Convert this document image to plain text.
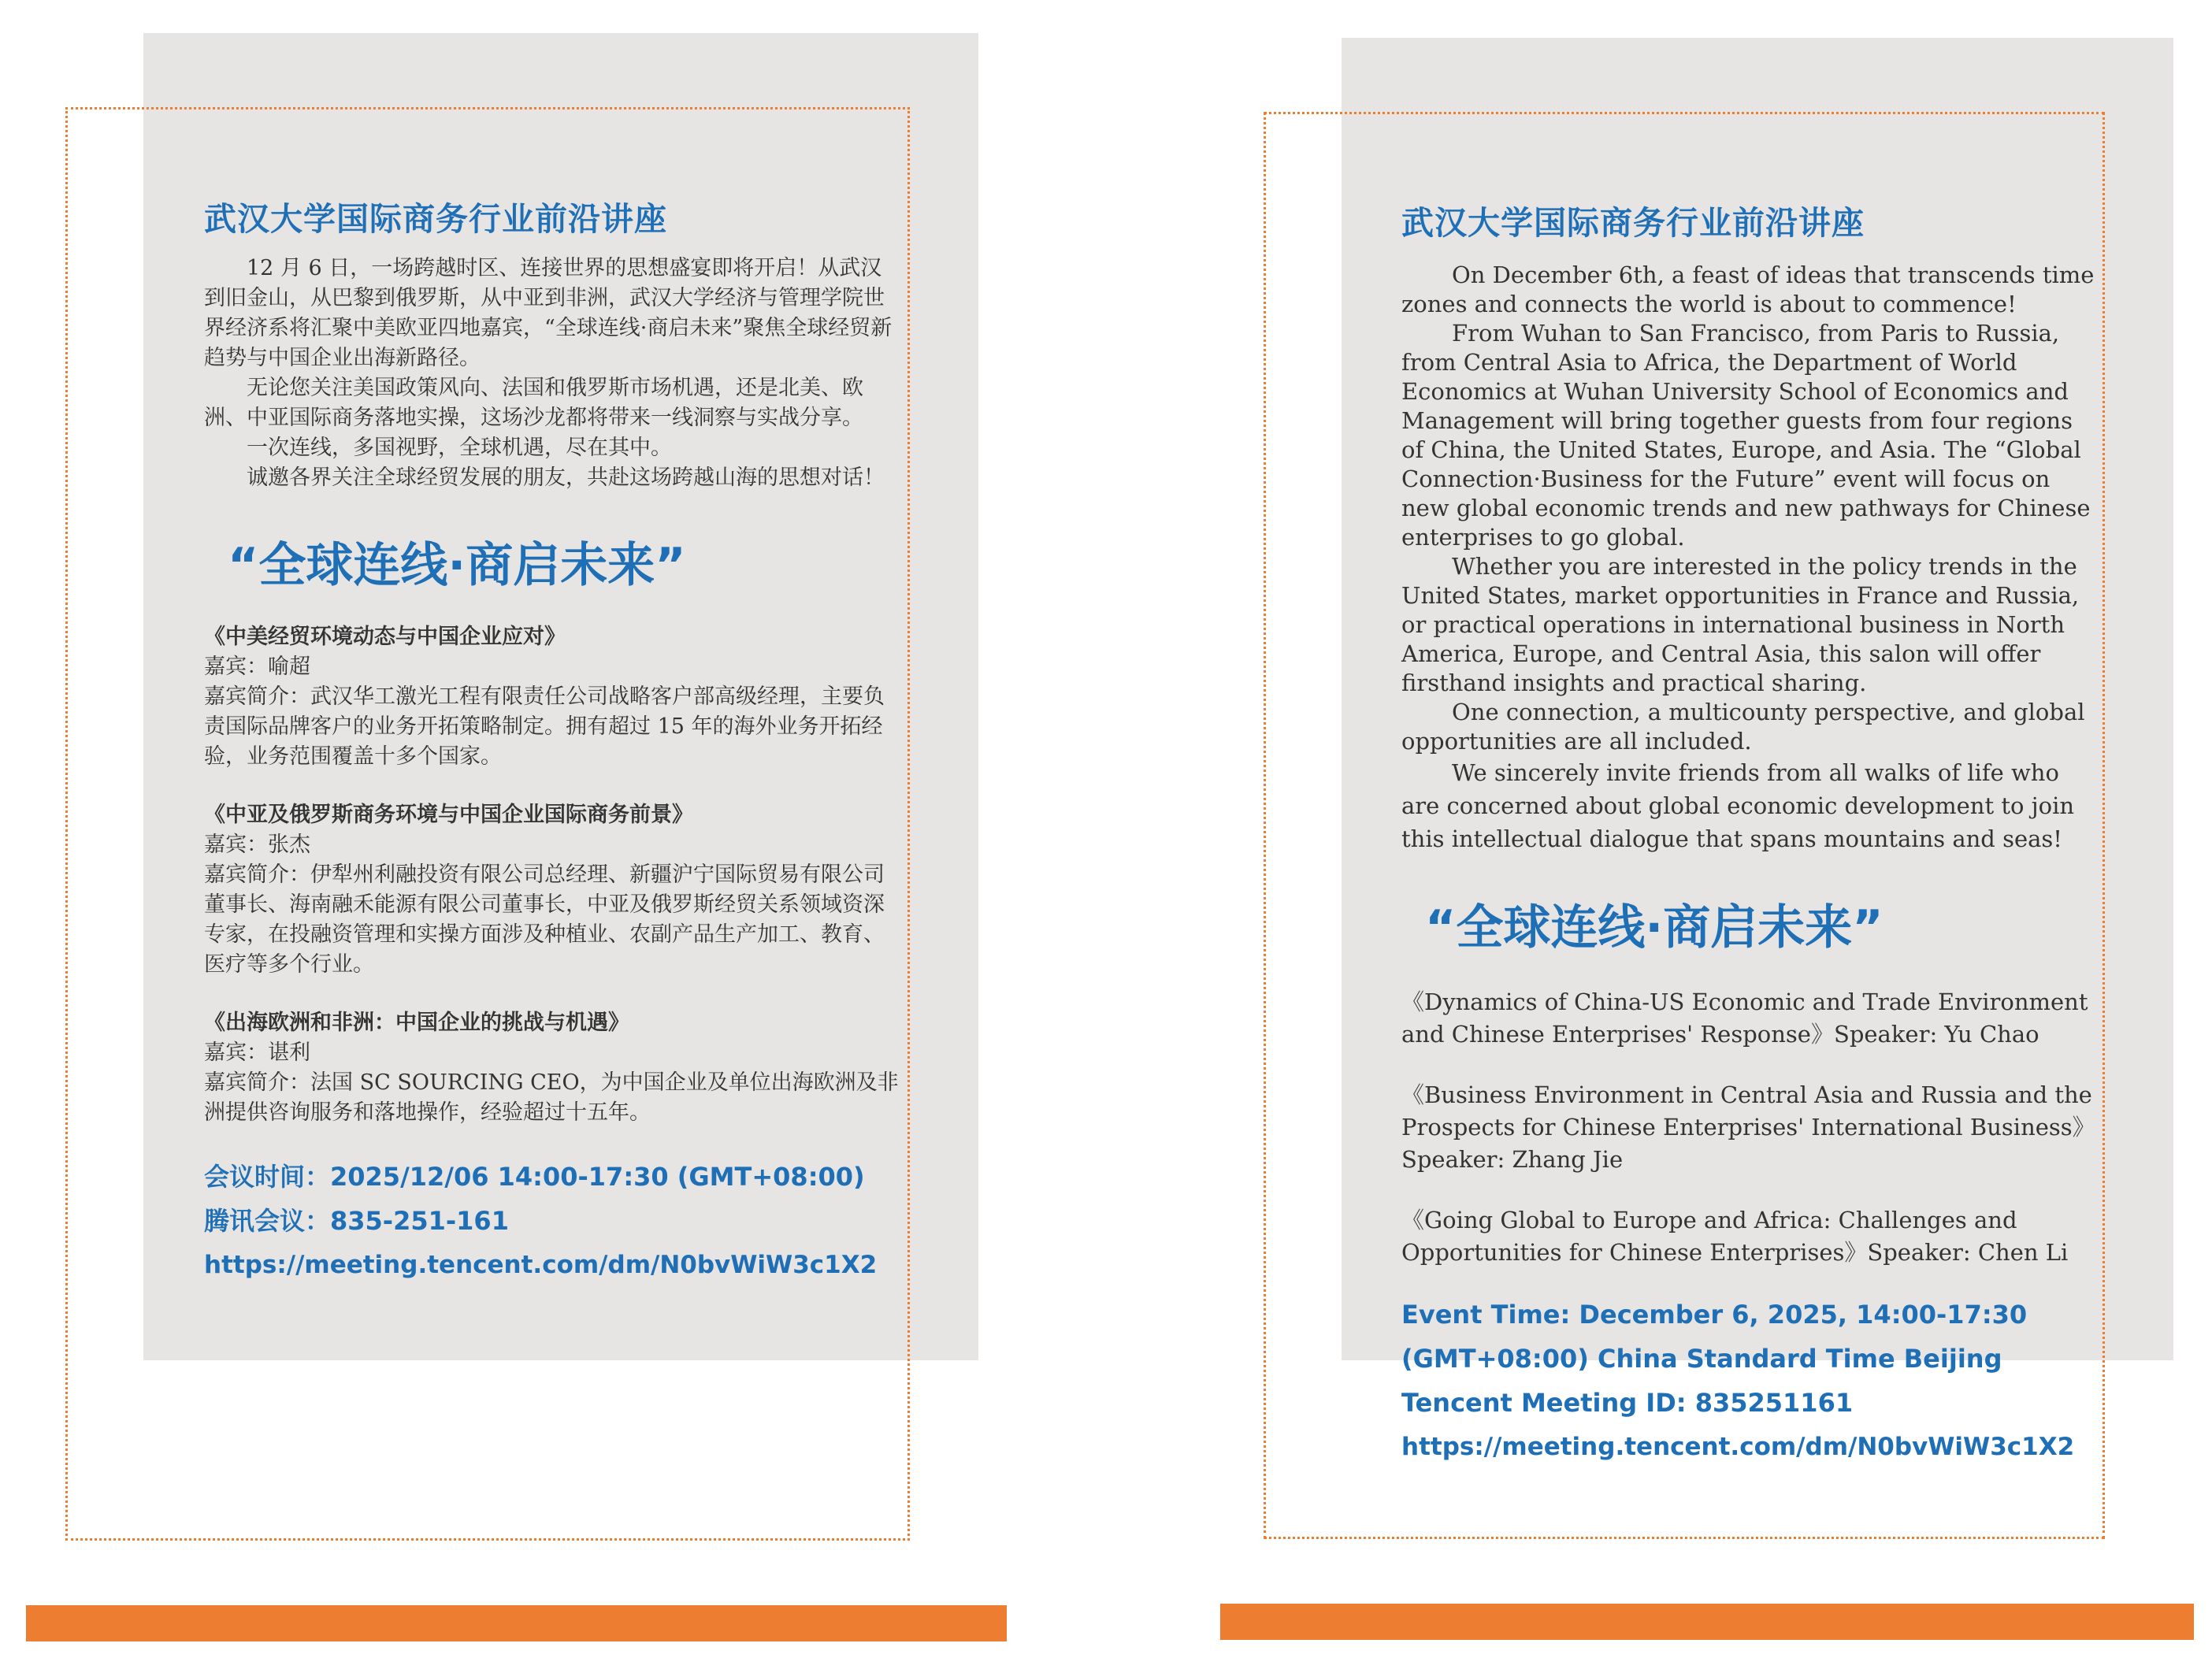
武汉大学国际商务行业前沿讲座

12 月 6 日，一场跨越时区、连接世界的思想盛宴即将开启！从武汉到旧金山，从巴黎到俄罗斯，从中亚到非洲，武汉大学经济与管理学院世界经济系将汇聚中美欧亚四地嘉宾，“全球连线·商启未来”聚焦全球经贸新趋势与中国企业出海新路径。

无论您关注美国政策风向、法国和俄罗斯市场机遇，还是北美、欧洲、中亚国际商务落地实操，这场沙龙都将带来一线洞察与实战分享。

一次连线，多国视野，全球机遇，尽在其中。

诚邀各界关注全球经贸发展的朋友，共赴这场跨越山海的思想对话！

“全球连线·商启未来”

《中美经贸环境动态与中国企业应对》

嘉宾：喻超

嘉宾简介：武汉华工激光工程有限责任公司战略客户部高级经理，主要负责国际品牌客户的业务开拓策略制定。拥有超过 15 年的海外业务开拓经验，业务范围覆盖十多个国家。

《中亚及俄罗斯商务环境与中国企业国际商务前景》

嘉宾：张杰

嘉宾简介：伊犁州利融投资有限公司总经理、新疆沪宁国际贸易有限公司董事长、海南融禾能源有限公司董事长，中亚及俄罗斯经贸关系领域资深专家，在投融资管理和实操方面涉及种植业、农副产品生产加工、教育、医疗等多个行业。

《出海欧洲和非洲：中国企业的挑战与机遇》

嘉宾：谌利

嘉宾简介：法国 SC SOURCING CEO，为中国企业及单位出海欧洲及非洲提供咨询服务和落地操作，经验超过十五年。

会议时间：2025/12/06 14:00-17:30 (GMT+08:00)

腾讯会议：835-251-161

https://meeting.tencent.com/dm/N0bvWiW3c1X2

武汉大学国际商务行业前沿讲座

On December 6th, a feast of ideas that transcends time zones and connects the world is about to commence!

From Wuhan to San Francisco, from Paris to Russia, from Central Asia to Africa, the Department of World Economics at Wuhan University School of Economics and Management will bring together guests from four regions of China, the United States, Europe, and Asia. The “Global Connection·Business for the Future” event will focus on new global economic trends and new pathways for Chinese enterprises to go global.

Whether you are interested in the policy trends in the United States, market opportunities in France and Russia, or practical operations in international business in North America, Europe, and Central Asia, this salon will offer firsthand insights and practical sharing.

One connection, a multicounty perspective, and global opportunities are all included.

We sincerely invite friends from all walks of life who are concerned about global economic development to join this intellectual dialogue that spans mountains and seas!

“全球连线·商启未来”

《Dynamics of China-US Economic and Trade Environment and Chinese Enterprises' Response》Speaker: Yu Chao

《Business Environment in Central Asia and Russia and the Prospects for Chinese Enterprises' International Business》Speaker: Zhang Jie

《Going Global to Europe and Africa: Challenges and Opportunities for Chinese Enterprises》Speaker: Chen Li

Event Time: December 6, 2025, 14:00-17:30 (GMT+08:00) China Standard Time Beijing

Tencent Meeting ID: 835251161

https://meeting.tencent.com/dm/N0bvWiW3c1X2
